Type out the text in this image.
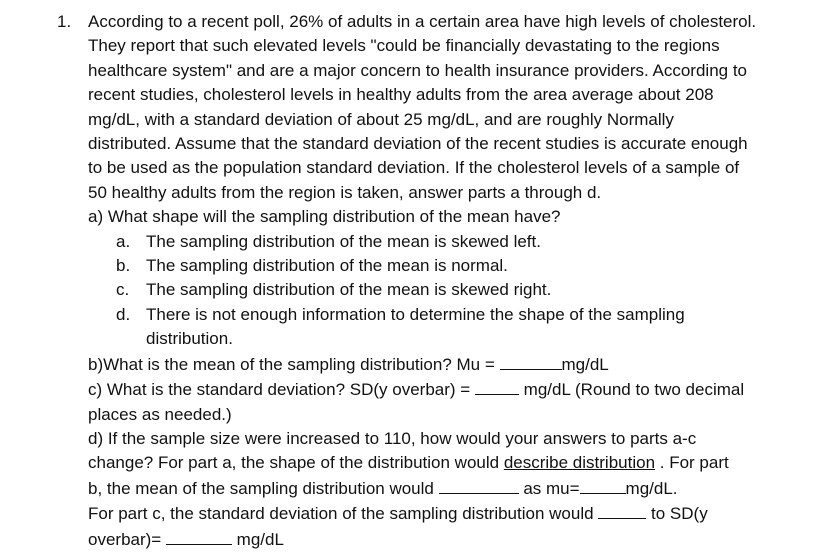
1. According to a recent poll, 26% of adults in a certain area have high levels of cholesterol.
They report that such elevated levels "could be financially devastating to the regions
healthcare system" and are a major concern to health insurance providers. According to
recent studies, cholesterol levels in healthy adults from the area average about 208
mg/dL, with a standard deviation of about 25 mg/dL, and are roughly Normally
distributed. Assume that the standard deviation of the recent studies is accurate enough
to be used as the population standard deviation. If the cholesterol levels of a sample of
50 healthy adults from the region is taken, answer parts a through d.
a) What shape will the sampling distribution of the mean have?
a. The sampling distribution of the mean is skewed left.
b. The sampling distribution of the mean is normal.
c. The sampling distribution of the mean is skewed right.
d. There is not enough information to determine the shape of the sampling
distribution.
b)What is the mean of the sampling distribution? Mu =	mg/dL
c) What is the standard deviation? SD(y overbar) =	mg/dL (Round to two decimal
places as needed.)
d) If the sample size were increased to 110, how would your answers to parts a-c
change? For part a, the shape of the distribution would describe distribution . For part
b, the mean of the sampling distribution would	as mu=	mg/dL.
For part c, the standard deviation of the sampling distribution would	to SD(y
overbar)=	mg/dL
